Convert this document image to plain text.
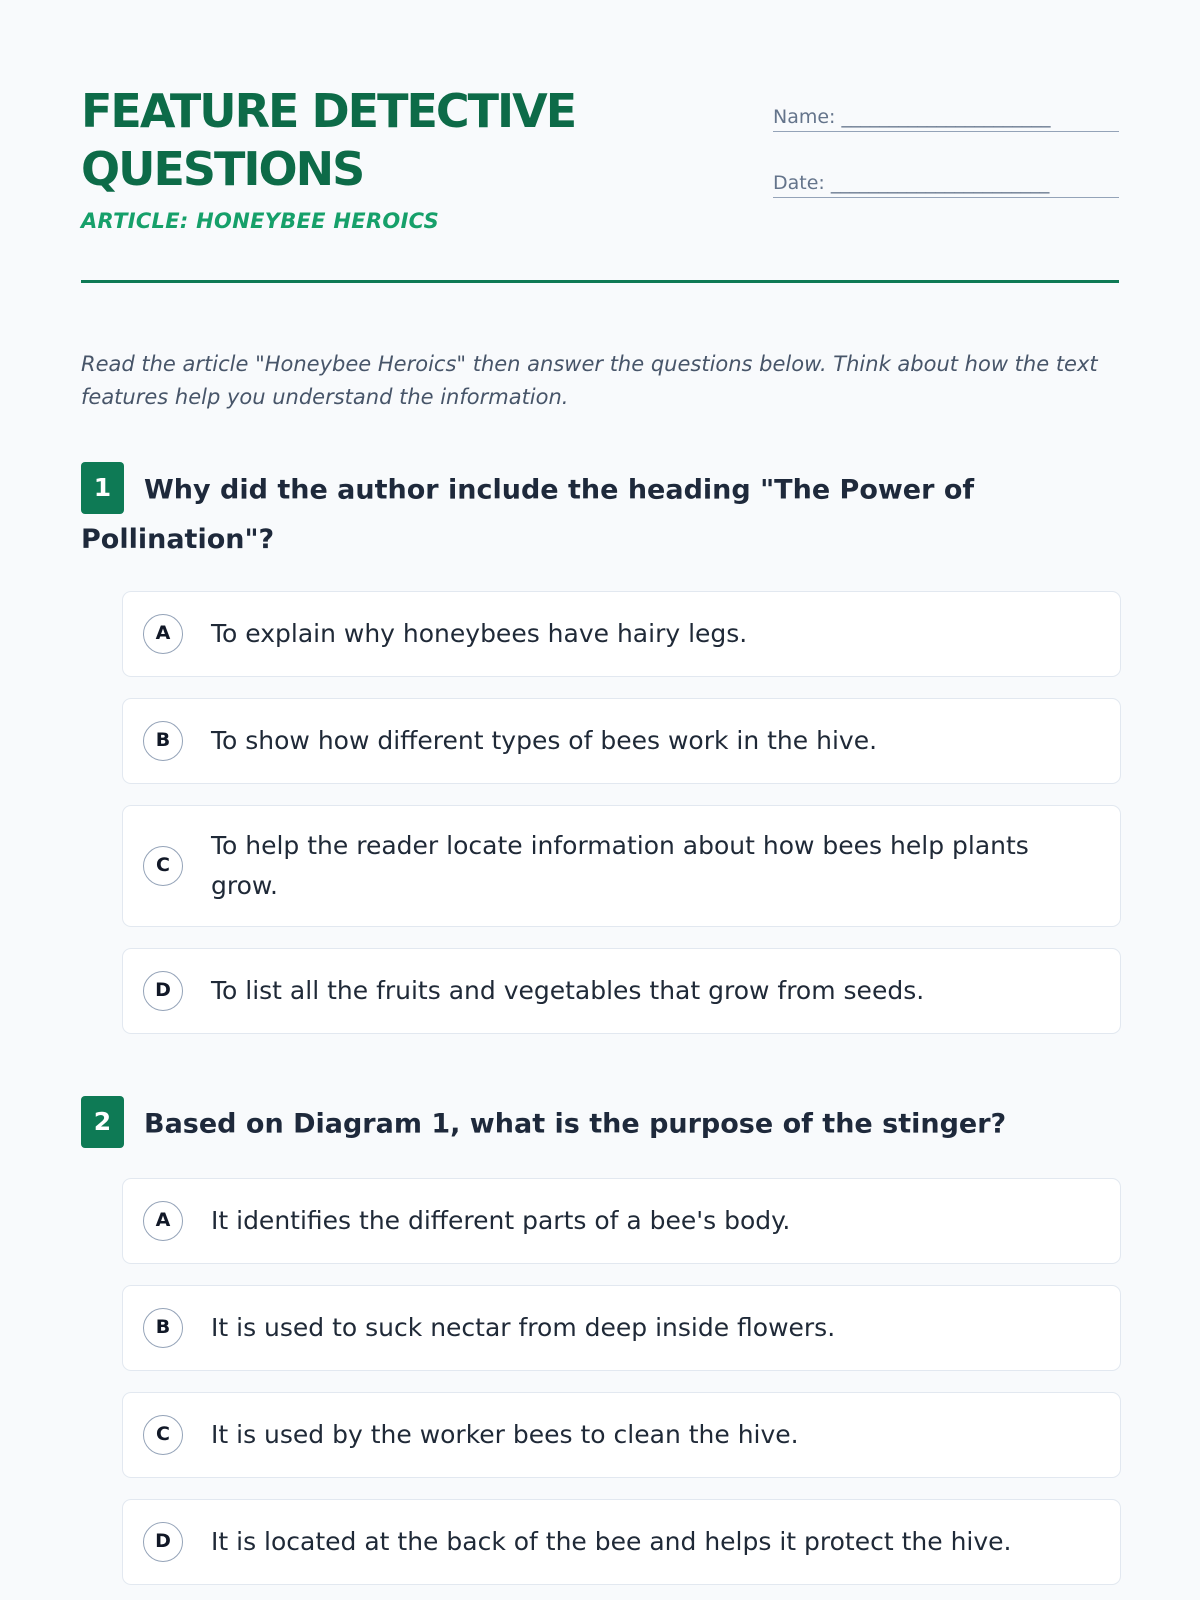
FEATURE DETECTIVE
QUESTIONS
ARTICLE: HONEYBEE HEROICS
Name: ______________________
Date: _______________________

Read the article "Honeybee Heroics" then answer the questions below. Think about how the text features help you understand the information.

1 Why did the author include the heading "The Power of Pollination"?
A	To explain why honeybees have hairy legs.
B	To show how different types of bees work in the hive.
C
To help the reader locate information about how bees help plants grow.
D	To list all the fruits and vegetables that grow from seeds.
2 Based on Diagram 1, what is the purpose of the stinger?
A	It identifies the different parts of a bee's body.
B	It is used to suck nectar from deep inside flowers.
C	It is used by the worker bees to clean the hive.
D	It is located at the back of the bee and helps it protect the hive.
